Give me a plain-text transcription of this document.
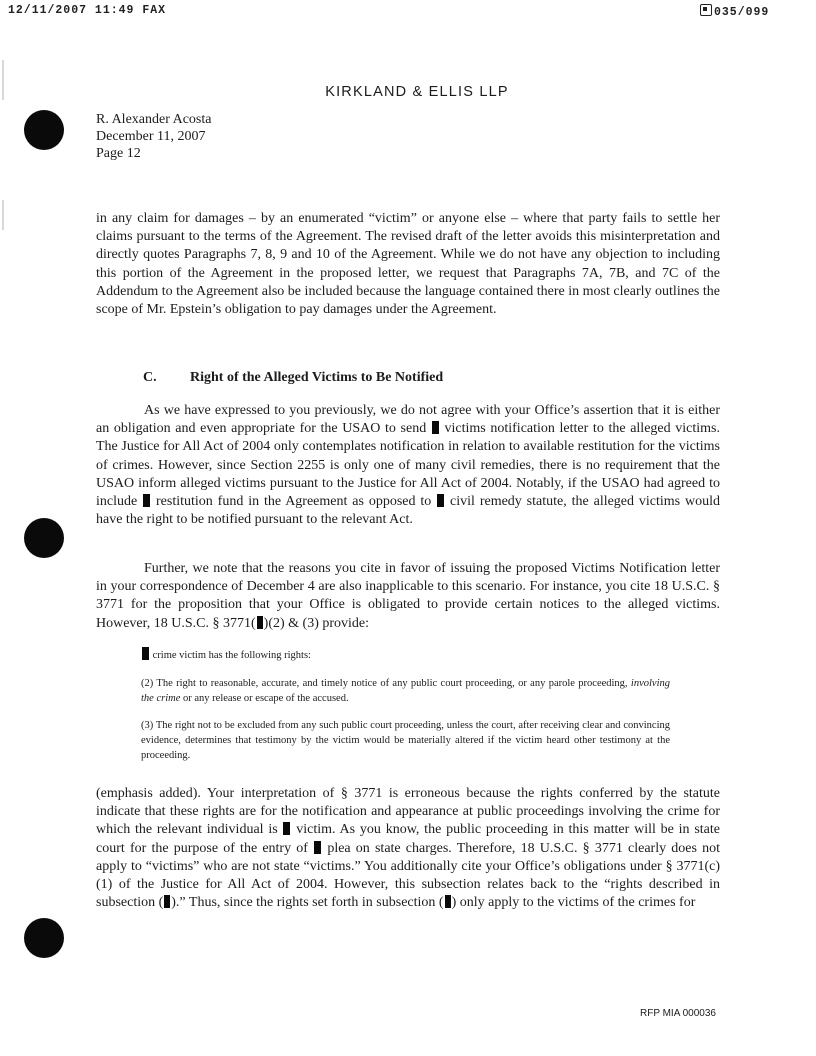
12/11/2007 11:49 FAX	035/099
KIRKLAND & ELLIS LLP
R. Alexander Acosta
December 11, 2007
Page 12

in any claim for damages – by an enumerated “victim” or anyone else – where that party fails to settle her claims pursuant to the terms of the Agreement. The revised draft of the letter avoids this misinterpretation and directly quotes Paragraphs 7, 8, 9 and 10 of the Agreement. While we do not have any objection to including this portion of the Agreement in the proposed letter, we request that Paragraphs 7A, 7B, and 7C of the Addendum to the Agreement also be included because the language contained there in most clearly outlines the scope of Mr. Epstein’s obligation to pay damages under the Agreement.

C. Right of the Alleged Victims to Be Notified

As we have expressed to you previously, we do not agree with your Office’s assertion that it is either an obligation and even appropriate for the USAO to send victims notification letter to the alleged victims. The Justice for All Act of 2004 only contemplates notification in relation to available restitution for the victims of crimes. However, since Section 2255 is only one of many civil remedies, there is no requirement that the USAO inform alleged victims pursuant to the Justice for All Act of 2004. Notably, if the USAO had agreed to include restitution fund in the Agreement as opposed to civil remedy statute, the alleged victims would have the right to be notified pursuant to the relevant Act.

Further, we note that the reasons you cite in favor of issuing the proposed Victims Notification letter in your correspondence of December 4 are also inapplicable to this scenario. For instance, you cite 18 U.S.C. § 3771 for the proposition that your Office is obligated to provide certain notices to the alleged victims. However, 18 U.S.C. § 3771( )(2) & (3) provide:

crime victim has the following rights:

(2) The right to reasonable, accurate, and timely notice of any public court proceeding, or any parole proceeding, involving the crime or any release or escape of the accused.

(3) The right not to be excluded from any such public court proceeding, unless the court, after receiving clear and convincing evidence, determines that testimony by the victim would be materially altered if the victim heard other testimony at the proceeding.

(emphasis added). Your interpretation of § 3771 is erroneous because the rights conferred by the statute indicate that these rights are for the notification and appearance at public proceedings involving the crime for which the relevant individual is victim. As you know, the public proceeding in this matter will be in state court for the purpose of the entry of plea on state charges. Therefore, 18 U.S.C. § 3771 clearly does not apply to “victims” who are not state “victims.” You additionally cite your Office’s obligations under § 3771(c)(1) of the Justice for All Act of 2004. However, this subsection relates back to the “rights described in subsection ( ).” Thus, since the rights set forth in subsection ( ) only apply to the victims of the crimes for

RFP MIA 000036
